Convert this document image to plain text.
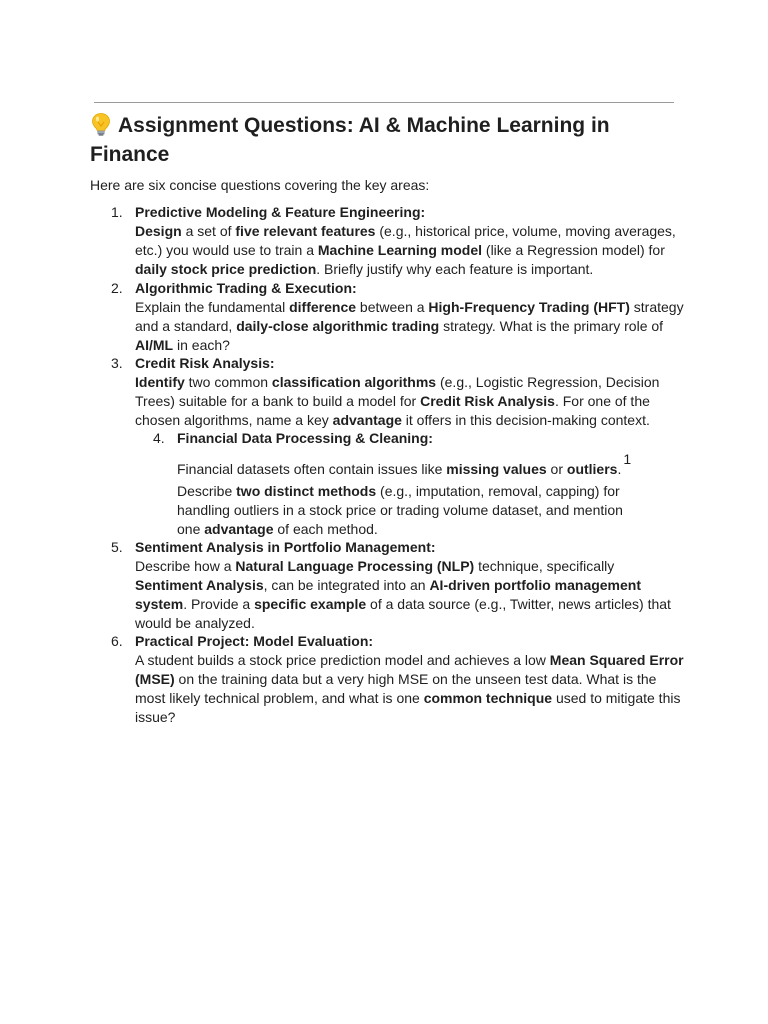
Assignment Questions: AI & Machine Learning in Finance

Here are six concise questions covering the key areas:

1. Predictive Modeling & Feature Engineering:

Design a set of five relevant features (e.g., historical price, volume, moving averages, etc.) you would use to train a Machine Learning model (like a Regression model) for daily stock price prediction. Briefly justify why each feature is important.

2. Algorithmic Trading & Execution:

Explain the fundamental difference between a High-Frequency Trading (HFT) strategy and a standard, daily-close algorithmic trading strategy. What is the primary role of AI/ML in each?

3. Credit Risk Analysis:

Identify two common classification algorithms (e.g., Logistic Regression, Decision Trees) suitable for a bank to build a model for Credit Risk Analysis. For one of the chosen algorithms, name a key advantage it offers in this decision-making context.

4. Financial Data Processing & Cleaning:

Financial datasets often contain issues like missing values or outliers.1

Describe two distinct methods (e.g., imputation, removal, capping) for handling outliers in a stock price or trading volume dataset, and mention one advantage of each method.

5. Sentiment Analysis in Portfolio Management:

Describe how a Natural Language Processing (NLP) technique, specifically Sentiment Analysis, can be integrated into an AI-driven portfolio management system. Provide a specific example of a data source (e.g., Twitter, news articles) that would be analyzed.

6. Practical Project: Model Evaluation:

A student builds a stock price prediction model and achieves a low Mean Squared Error (MSE) on the training data but a very high MSE on the unseen test data. What is the most likely technical problem, and what is one common technique used to mitigate this issue?
